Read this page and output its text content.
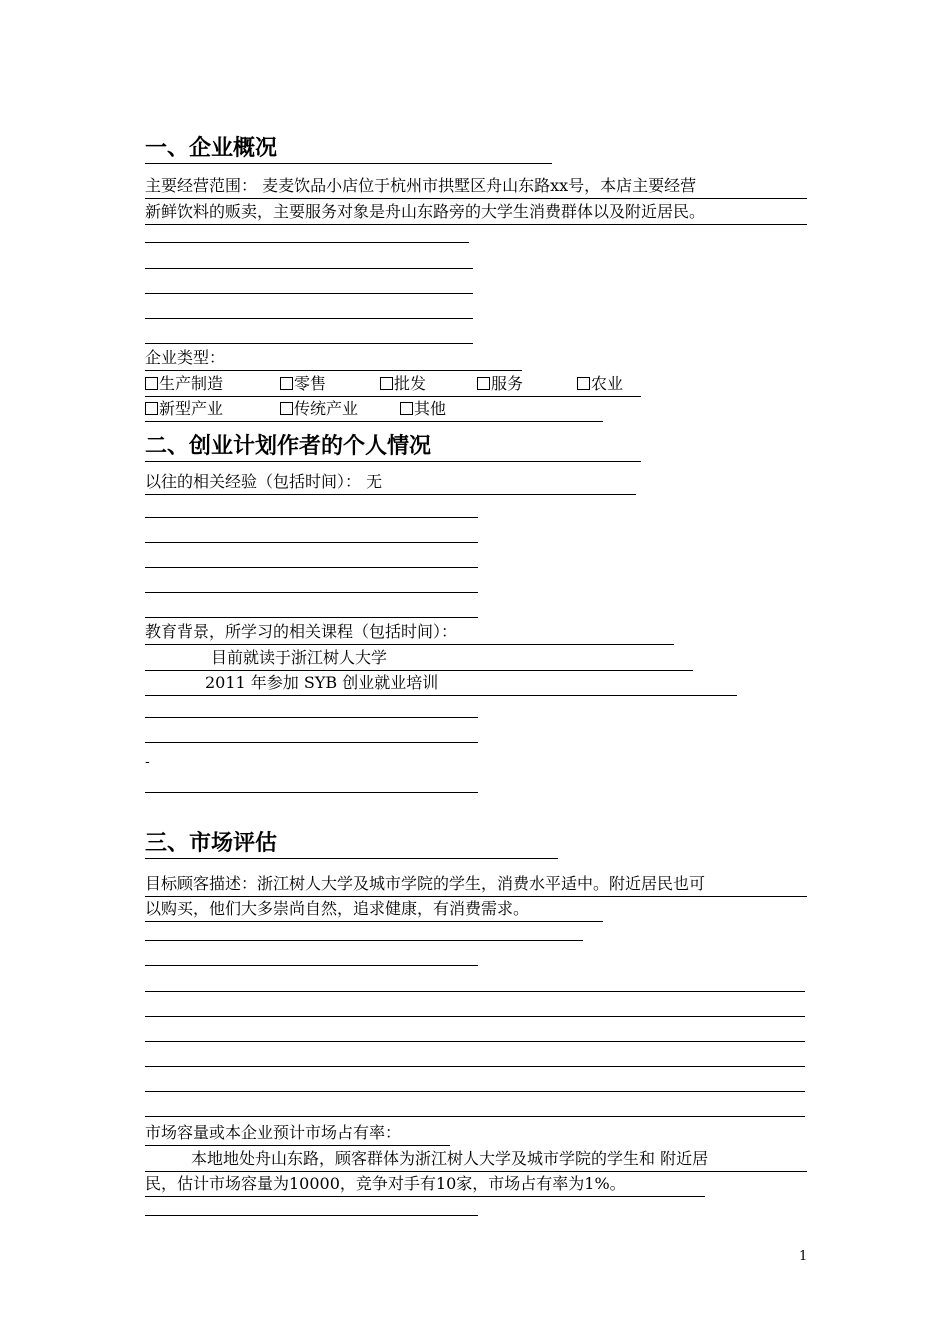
一、企业概况
主要经营范围： 麦麦饮品小店位于杭州市拱墅区舟山东路xx号，本店主要经营
新鲜饮料的贩卖，主要服务对象是舟山东路旁的大学生消费群体以及附近居民。
企业类型：
生产制造	零售	批发	服务	农业
新型产业	传统产业	其他
二、创业计划作者的个人情况
以往的相关经验（包括时间）： 无
教育背景，所学习的相关课程（包括时间）：
目前就读于浙江树人大学
2011 年参加 SYB 创业就业培训
-
三、市场评估
目标顾客描述：浙江树人大学及城市学院的学生，消费水平适中。附近居民也可
以购买，他们大多崇尚自然，追求健康，有消费需求。
市场容量或本企业预计市场占有率：
本地地处舟山东路，顾客群体为浙江树人大学及城市学院的学生和 附近居
民，估计市场容量为10000，竞争对手有10家，市场占有率为1%。
1
